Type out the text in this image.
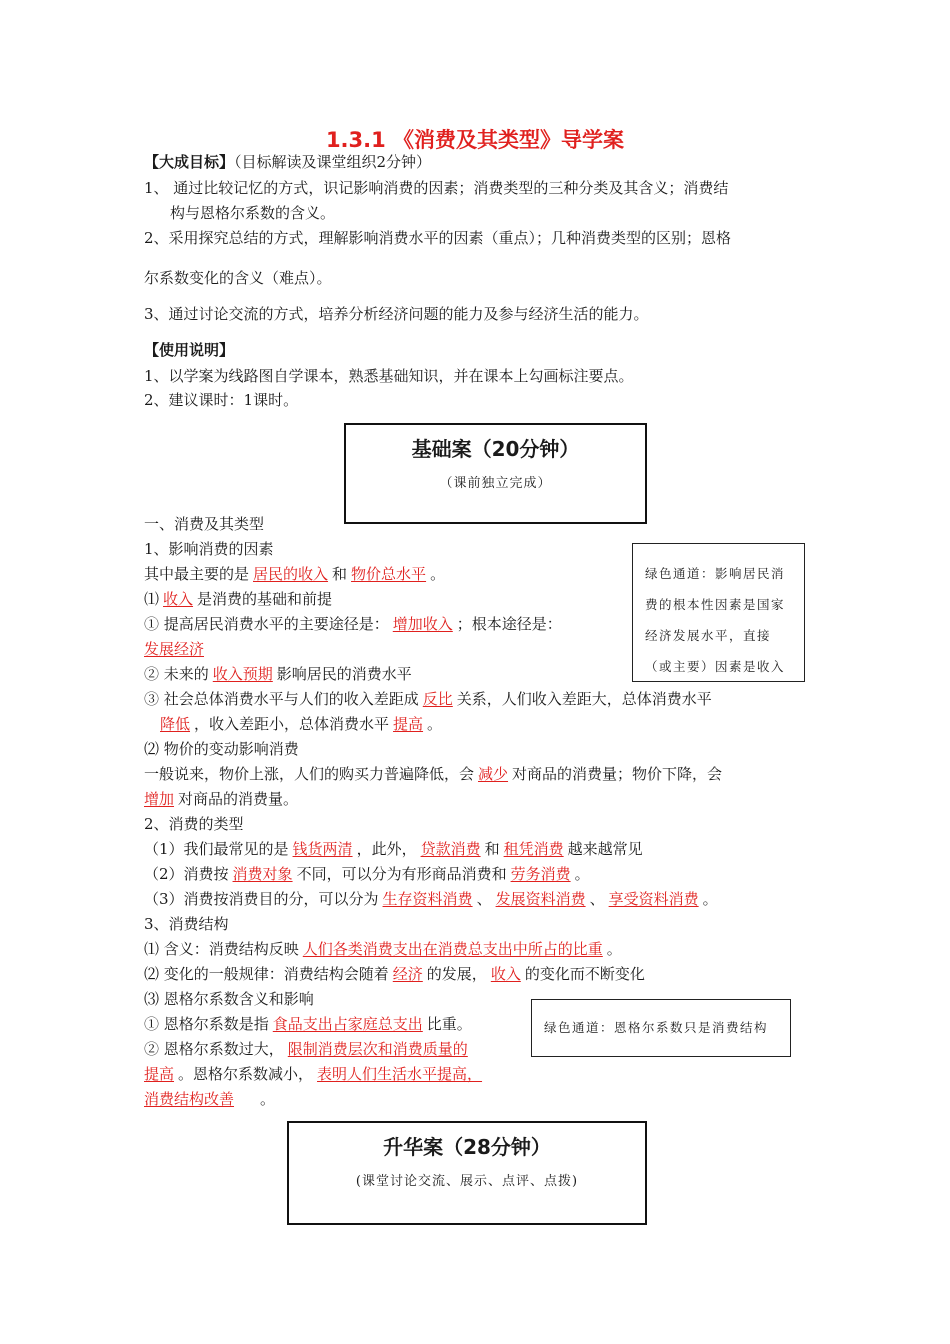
1.3.1 《消费及其类型》导学案
【大成目标】（目标解读及课堂组织2分钟）
1、 通过比较记忆的方式，识记影响消费的因素；消费类型的三种分类及其含义；消费结
构与恩格尔系数的含义。
2、采用探究总结的方式，理解影响消费水平的因素（重点）；几种消费类型的区别；恩格
尔系数变化的含义（难点）。
3、通过讨论交流的方式，培养分析经济问题的能力及参与经济生活的能力。
【使用说明】
1、以学案为线路图自学课本，熟悉基础知识，并在课本上勾画标注要点。
2、建议课时：1课时。
基础案（20分钟）
（课前独立完成）
绿色通道：影响居民消
费的根本性因素是国家
经济发展水平，直接
（或主要）因素是收入
一、消费及其类型
1、影响消费的因素
其中最主要的是 居民的收入 和 物价总水平 。
⑴ 收入 是消费的基础和前提
① 提高居民消费水平的主要途径是： 增加收入 ；根本途径是：
发展经济
② 未来的 收入预期 影响居民的消费水平
③ 社会总体消费水平与人们的收入差距成 反比 关系，人们收入差距大，总体消费水平
降低 ，收入差距小，总体消费水平 提高 。
⑵ 物价的变动影响消费
一般说来，物价上涨，人们的购买力普遍降低，会 减少 对商品的消费量；物价下降，会
增加 对商品的消费量。
2、消费的类型
（1）我们最常见的是 钱货两清 ，此外， 贷款消费 和 租凭消费 越来越常见
（2）消费按 消费对象 不同，可以分为有形商品消费和 劳务消费 。
（3）消费按消费目的分，可以分为 生存资料消费 、 发展资料消费 、 享受资料消费 。
3、消费结构
⑴ 含义：消费结构反映 人们各类消费支出在消费总支出中所占的比重 。
⑵ 变化的一般规律：消费结构会随着 经济 的发展， 收入 的变化而不断变化
⑶ 恩格尔系数含义和影响
① 恩格尔系数是指 食品支出占家庭总支出 比重。
② 恩格尔系数过大， 限制消费层次和消费质量的
提高 。恩格尔系数减小， 表明人们生活水平提高，
消费结构改善 。
绿色通道：恩格尔系数只是消费结构
升华案（28分钟）
(课堂讨论交流、展示、点评、点拨)
